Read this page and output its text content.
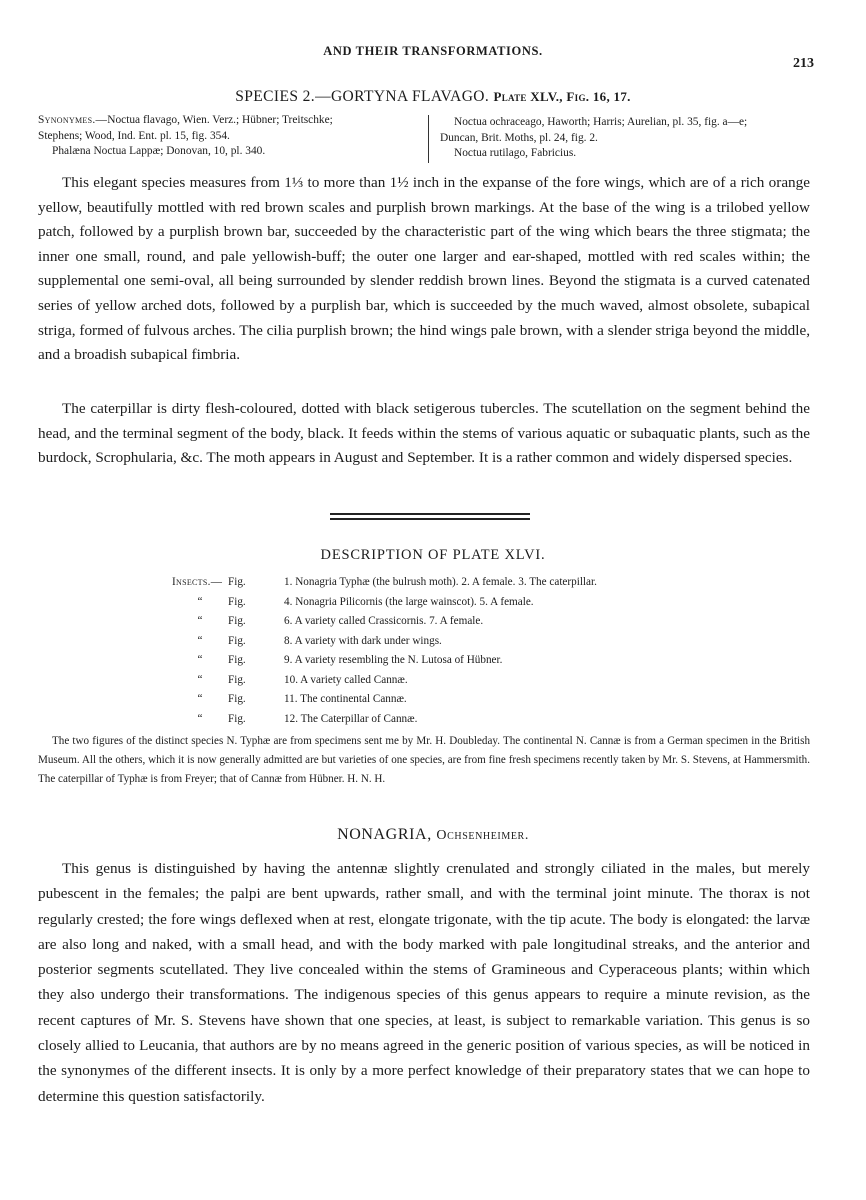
AND THEIR TRANSFORMATIONS.
213
SPECIES 2.—GORTYNA FLAVAGO. Plate XLV., Fig. 16, 17.
Synonymes.—Noctua flavago, Wien. Verz.; Hübner; Treitschke;
Stephens; Wood, Ind. Ent. pl. 15, fig. 354.
Phalæna Noctua Lappæ; Donovan, 10, pl. 340.
Noctua ochraceago, Haworth; Harris; Aurelian, pl. 35, fig. a—e;
Duncan, Brit. Moths, pl. 24, fig. 2.
Noctua rutilago, Fabricius.

This elegant species measures from 1⅓ to more than 1½ inch in the expanse of the fore wings, which are of a rich orange yellow, beautifully mottled with red brown scales and purplish brown markings. At the base of the wing is a trilobed yellow patch, followed by a purplish brown bar, succeeded by the characteristic part of the wing which bears the three stigmata; the inner one small, round, and pale yellowish-buff; the outer one larger and ear-shaped, mottled with red scales within; the supplemental one semi-oval, all being surrounded by slender reddish brown lines. Beyond the stigmata is a curved catenated series of yellow arched dots, followed by a purplish bar, which is succeeded by the much waved, almost obsolete, subapical striga, formed of fulvous arches. The cilia purplish brown; the hind wings pale brown, with a slender striga beyond the middle, and a broadish subapical fimbria.

The caterpillar is dirty flesh-coloured, dotted with black setigerous tubercles. The scutellation on the segment behind the head, and the terminal segment of the body, black. It feeds within the stems of various aquatic or subaquatic plants, such as the burdock, Scrophularia, &c. The moth appears in August and September. It is a rather common and widely dispersed species.

DESCRIPTION OF PLATE XLVI.
Insects.— Fig.	1. Nonagria Typhæ (the bulrush moth). 2. A female. 3. The caterpillar.
“	Fig.	4. Nonagria Pilicornis (the large wainscot). 5. A female.
“	Fig.	6. A variety called Crassicornis. 7. A female.
“	Fig.	8. A variety with dark under wings.
“	Fig.	9. A variety resembling the N. Lutosa of Hübner.
“	Fig.	10. A variety called Cannæ.
“	Fig.	11. The continental Cannæ.
“	Fig.	12. The Caterpillar of Cannæ.

The two figures of the distinct species N. Typhæ are from specimens sent me by Mr. H. Doubleday. The continental N. Cannæ is from a German specimen in the British Museum. All the others, which it is now generally admitted are but varieties of one species, are from fine fresh specimens recently taken by Mr. S. Stevens, at Hammersmith. The caterpillar of Typhæ is from Freyer; that of Cannæ from Hübner. H. N. H.

NONAGRIA, Ochsenheimer.

This genus is distinguished by having the antennæ slightly crenulated and strongly ciliated in the males, but merely pubescent in the females; the palpi are bent upwards, rather small, and with the terminal joint minute. The thorax is not regularly crested; the fore wings deflexed when at rest, elongate trigonate, with the tip acute. The body is elongated: the larvæ are also long and naked, with a small head, and with the body marked with pale longitudinal streaks, and the anterior and posterior segments scutellated. They live concealed within the stems of Gramineous and Cyperaceous plants; within which they also undergo their transformations. The indigenous species of this genus appears to require a minute revision, as the recent captures of Mr. S. Stevens have shown that one species, at least, is subject to remarkable variation. This genus is so closely allied to Leucania, that authors are by no means agreed in the generic position of various species, as will be noticed in the synonymes of the different insects. It is only by a more perfect knowledge of their preparatory states that we can hope to determine this question satisfactorily.
